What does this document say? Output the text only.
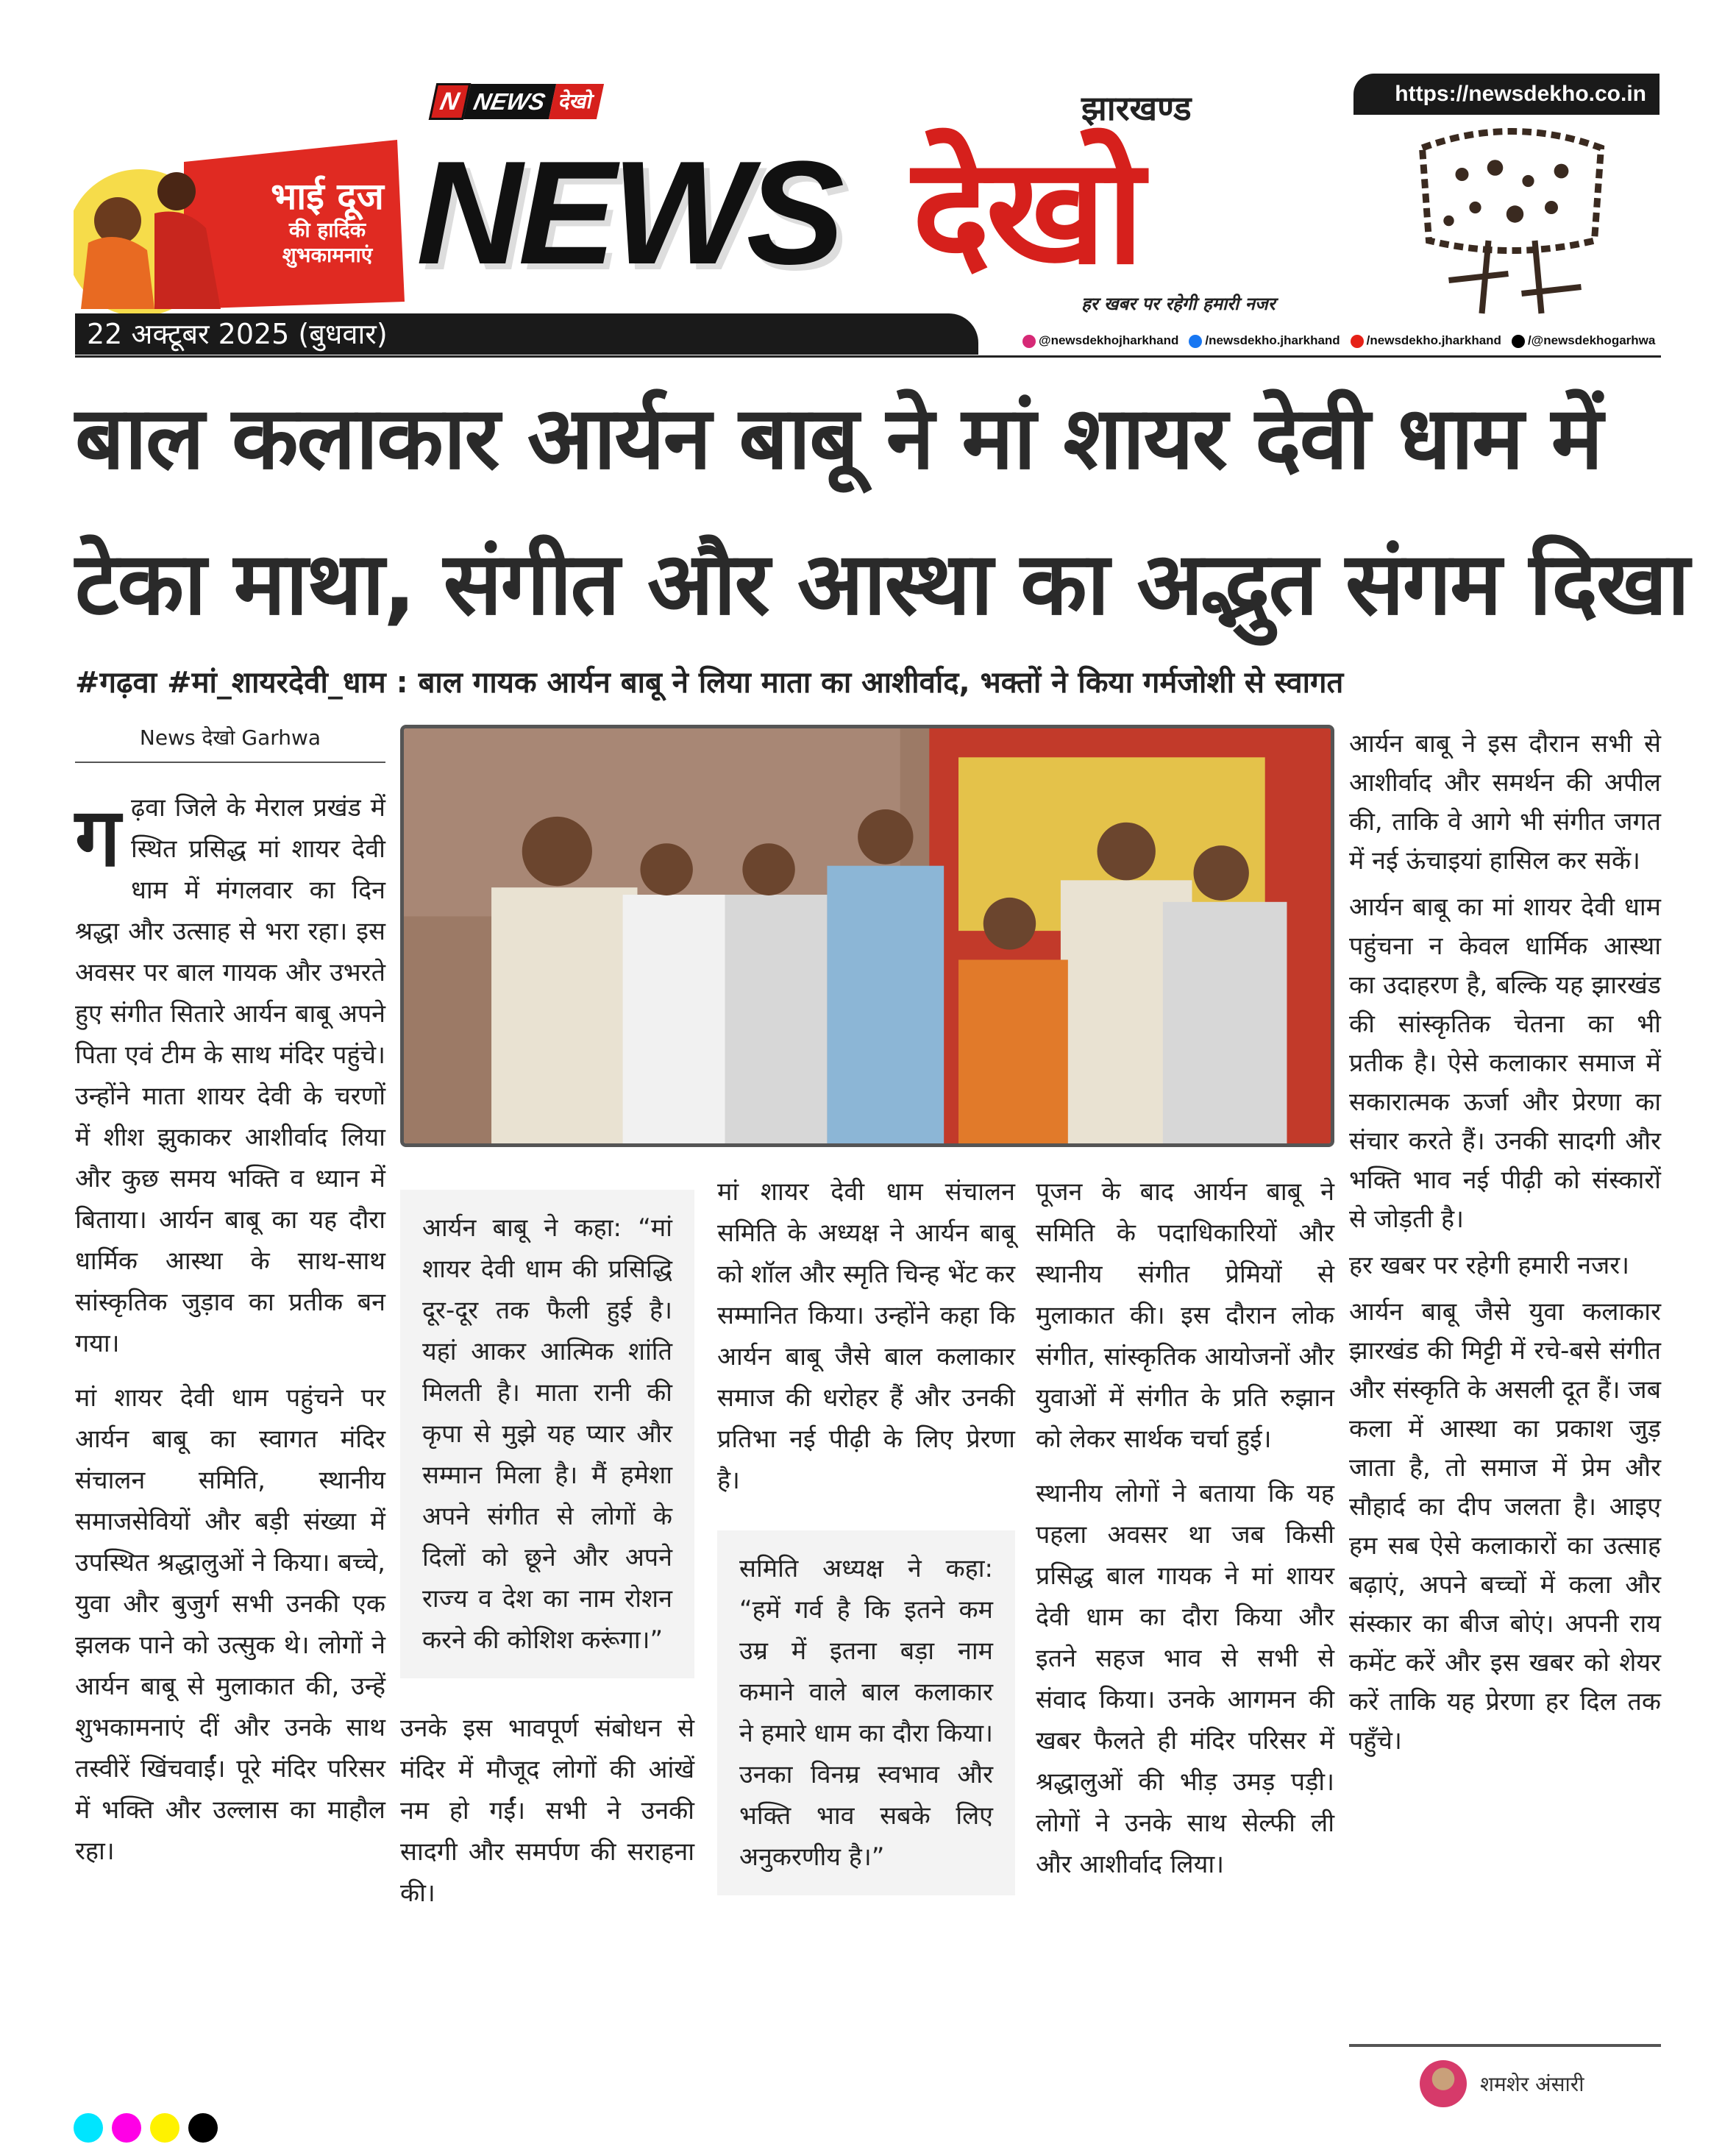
https://newsdekho.co.in
भाई दूज
की हार्दिक
शुभकामनाएं
N NEWS देखो
NEWS देखो
झारखण्ड
हर खबर पर रहेगी हमारी नजर
22 अक्टूबर 2025 (बुधवार)	@newsdekhojharkhand	/newsdekho.jharkhand	/newsdekho.jharkhand	/@newsdekhogarhwa
बाल कलाकार आर्यन बाबू ने मां शायर देवी धाम में
टेका माथा, संगीत और आस्था का अद्भुत संगम दिखा
#गढ़वा #मां_शायरदेवी_धाम : बाल गायक आर्यन बाबू ने लिया माता का आशीर्वाद, भक्तों ने किया गर्मजोशी से स्वागत
News देखो Garhwa

गढ़वा जिले के मेराल प्रखंड में स्थित प्रसिद्ध मां शायर देवी धाम में मंगलवार का दिन श्रद्धा और उत्साह से भरा रहा। इस अवसर पर बाल गायक और उभरते हुए संगीत सितारे आर्यन बाबू अपने पिता एवं टीम के साथ मंदिर पहुंचे। उन्होंने माता शायर देवी के चरणों में शीश झुकाकर आशीर्वाद लिया और कुछ समय भक्ति व ध्यान में बिताया। आर्यन बाबू का यह दौरा धार्मिक आस्था के साथ-साथ सांस्कृतिक जुड़ाव का प्रतीक बन गया।

मां शायर देवी धाम पहुंचने पर आर्यन बाबू का स्वागत मंदिर संचालन समिति, स्थानीय समाजसेवियों और बड़ी संख्या में उपस्थित श्रद्धालुओं ने किया। बच्चे, युवा और बुजुर्ग सभी उनकी एक झलक पाने को उत्सुक थे। लोगों ने आर्यन बाबू से मुलाकात की, उन्हें शुभकामनाएं दीं और उनके साथ तस्वीरें खिंचवाईं। पूरे मंदिर परिसर में भक्ति और उल्लास का माहौल रहा।

आर्यन बाबू ने कहा: “मां शायर देवी धाम की प्रसिद्धि दूर-दूर तक फैली हुई है। यहां आकर आत्मिक शांति मिलती है। माता रानी की कृपा से मुझे यह प्यार और सम्मान मिला है। मैं हमेशा अपने संगीत से लोगों के दिलों को छूने और अपने राज्य व देश का नाम रोशन करने की कोशिश करूंगा।”

उनके इस भावपूर्ण संबोधन से मंदिर में मौजूद लोगों की आंखें नम हो गईं। सभी ने उनकी सादगी और समर्पण की सराहना की।

मां शायर देवी धाम संचालन समिति के अध्यक्ष ने आर्यन बाबू को शॉल और स्मृति चिन्ह भेंट कर सम्मानित किया। उन्होंने कहा कि आर्यन बाबू जैसे बाल कलाकार समाज की धरोहर हैं और उनकी प्रतिभा नई पीढ़ी के लिए प्रेरणा है।

समिति अध्यक्ष ने कहा: “हमें गर्व है कि इतने कम उम्र में इतना बड़ा नाम कमाने वाले बाल कलाकार ने हमारे धाम का दौरा किया। उनका विनम्र स्वभाव और भक्ति भाव सबके लिए अनुकरणीय है।”

पूजन के बाद आर्यन बाबू ने समिति के पदाधिकारियों और स्थानीय संगीत प्रेमियों से मुलाकात की। इस दौरान लोक संगीत, सांस्कृतिक आयोजनों और युवाओं में संगीत के प्रति रुझान को लेकर सार्थक चर्चा हुई।

स्थानीय लोगों ने बताया कि यह पहला अवसर था जब किसी प्रसिद्ध बाल गायक ने मां शायर देवी धाम का दौरा किया और इतने सहज भाव से सभी से संवाद किया। उनके आगमन की खबर फैलते ही मंदिर परिसर में श्रद्धालुओं की भीड़ उमड़ पड़ी। लोगों ने उनके साथ सेल्फी ली और आशीर्वाद लिया।

आर्यन बाबू ने इस दौरान सभी से आशीर्वाद और समर्थन की अपील की, ताकि वे आगे भी संगीत जगत में नई ऊंचाइयां हासिल कर सकें।

आर्यन बाबू का मां शायर देवी धाम पहुंचना न केवल धार्मिक आस्था का उदाहरण है, बल्कि यह झारखंड की सांस्कृतिक चेतना का भी प्रतीक है। ऐसे कलाकार समाज में सकारात्मक ऊर्जा और प्रेरणा का संचार करते हैं। उनकी सादगी और भक्ति भाव नई पीढ़ी को संस्कारों से जोड़ती है।

हर खबर पर रहेगी हमारी नजर।

आर्यन बाबू जैसे युवा कलाकार झारखंड की मिट्टी में रचे-बसे संगीत और संस्कृति के असली दूत हैं। जब कला में आस्था का प्रकाश जुड़ जाता है, तो समाज में प्रेम और सौहार्द का दीप जलता है। आइए हम सब ऐसे कलाकारों का उत्साह बढ़ाएं, अपने बच्चों में कला और संस्कार का बीज बोएं। अपनी राय कमेंट करें और इस खबर को शेयर करें ताकि यह प्रेरणा हर दिल तक पहुँचे।

शमशेर अंसारी
